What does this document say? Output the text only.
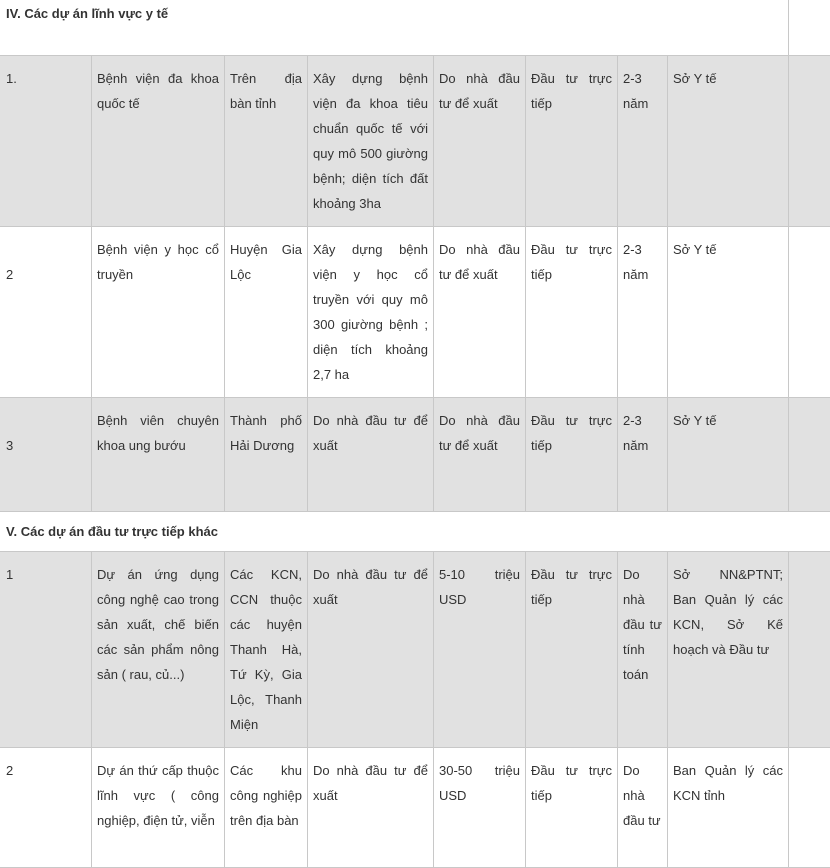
IV. Các dự án lĩnh vực y tế								
1.	Bệnh viện đa khoa quốc tế	Trên địa bàn tỉnh	Xây dựng bệnh viện đa khoa tiêu chuẩn quốc tế với quy mô 500 giường bệnh; diện tích đất khoảng 3ha	Do nhà đầu tư để xuất	Đầu tư trực tiếp	2-3 năm	Sở Y tế	
2	Bệnh viện y học cổ truyền	Huyện Gia Lộc	Xây dựng bệnh viện y học cổ truyền với quy mô 300 giường bệnh ; diện tích khoảng 2,7 ha	Do nhà đầu tư để xuất	Đầu tư trực tiếp	2-3 năm	Sở Y tế	
3	Bệnh viên chuyên khoa ung bướu	Thành phố Hải Dương	Do nhà đầu tư để xuất	Do nhà đầu tư để xuất	Đầu tư trực tiếp	2-3 năm	Sở Y tế	
V. Các dự án đầu tư trực tiếp khác								
1	Dự án ứng dụng công nghệ cao trong sản xuất, chế biến các sản phẩm nông sản ( rau, củ...)	Các KCN, CCN thuộc các huyện Thanh Hà, Tứ Kỳ, Gia Lộc, Thanh Miện	Do nhà đầu tư để xuất	5-10 triệu USD	Đầu tư trực tiếp	Do nhà đầu tư tính toán	Sở NN&PTNT; Ban Quản lý các KCN, Sở Kế hoạch và Đầu tư	
2	Dự án thứ cấp thuộc lĩnh vực ( công nghiệp, điện tử, viễn	Các khu công nghiệp trên địa bàn	Do nhà đầu tư để xuất	30-50 triệu USD	Đầu tư trực tiếp	Do nhà đầu tư	Ban Quản lý các KCN tỉnh	
